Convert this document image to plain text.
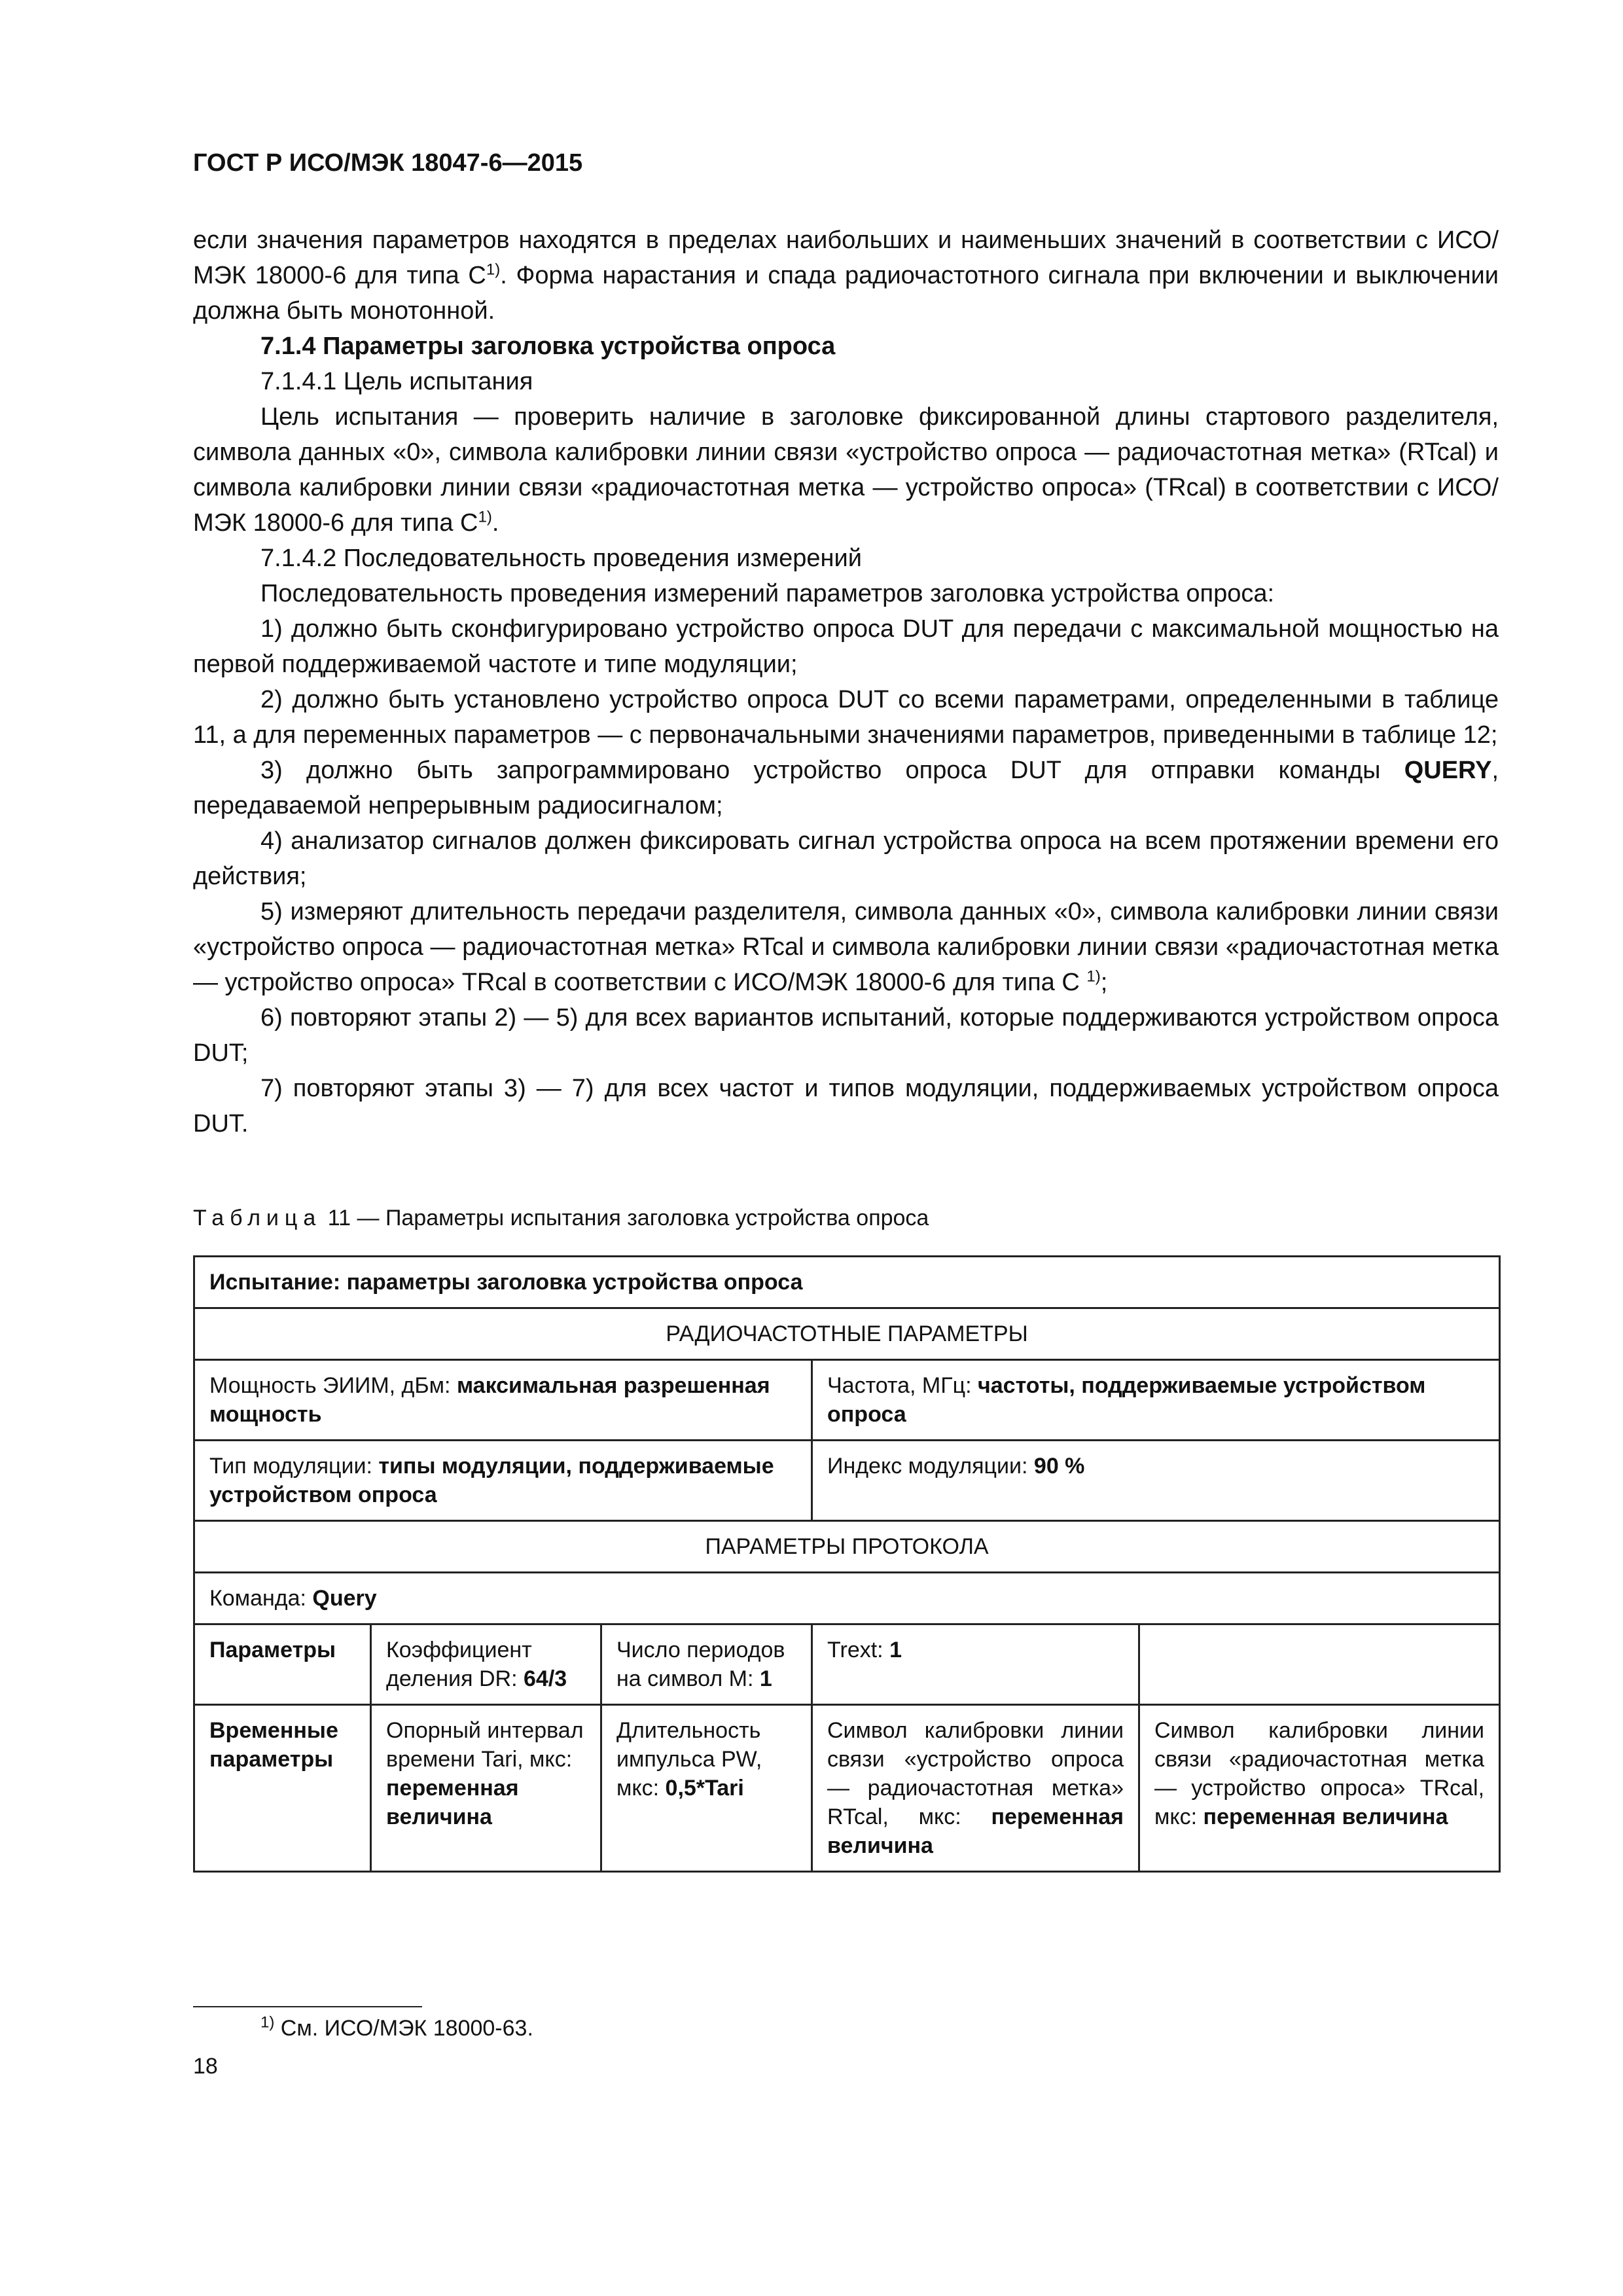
ГОСТ Р ИСО/МЭК 18047-6—2015

если значения параметров находятся в пределах наибольших и наименьших значений в соответствии с ИСО/МЭК 18000-6 для типа $С^{1)}$. Форма нарастания и спада радиочастотного сигнала при включении и выключении должна быть монотонной.

7.1.4 Параметры заголовка устройства опроса

7.1.4.1 Цель испытания

Цель испытания — проверить наличие в заголовке фиксированной длины стартового разделителя, символа данных «0», символа калибровки линии связи «устройство опроса — радиочастотная метка» (RTcal) и символа калибровки линии связи «радиочастотная метка — устройство опроса» (TRcal) в соответствии с ИСО/МЭК 18000-6 для типа $С^{1)}$.

7.1.4.2 Последовательность проведения измерений

Последовательность проведения измерений параметров заголовка устройства опроса:

1) должно быть сконфигурировано устройство опроса DUT для передачи с максимальной мощностью на первой поддерживаемой частоте и типе модуляции;

2) должно быть установлено устройство опроса DUT со всеми параметрами, определенными в таблице 11, а для переменных параметров — с первоначальными значениями параметров, приведенными в таблице 12;

3) должно быть запрограммировано устройство опроса DUT для отправки команды QUERY, передаваемой непрерывным радиосигналом;

4) анализатор сигналов должен фиксировать сигнал устройства опроса на всем протяжении времени его действия;

5) измеряют длительность передачи разделителя, символа данных «0», символа калибровки линии связи «устройство опроса — радиочастотная метка» RTcal и символа калибровки линии связи «радиочастотная метка — устройство опроса» TRcal в соответствии с ИСО/МЭК 18000-6 для типа С $^{1)}$;

6) повторяют этапы 2) — 5) для всех вариантов испытаний, которые поддерживаются устройством опроса DUT;

7) повторяют этапы 3) — 7) для всех частот и типов модуляции, поддерживаемых устройством опроса DUT.

Таблица 11 — Параметры испытания заголовка устройства опроса
Испытание: параметры заголовка устройства опроса				
РАДИОЧАСТОТНЫЕ ПАРАМЕТРЫ				
Мощность ЭИИМ, дБм: максимальная разрешенная мощность			Частота, МГц: частоты, поддерживаемые устройством опроса	
Тип модуляции: типы модуляции, поддерживаемые устройством опроса			Индекс модуляции: 90 %	
ПАРАМЕТРЫ ПРОТОКОЛА				
Команда: Query				
Параметры	Коэффициент деления DR: 64/3	Число периодов на символ М: 1	Trext: 1	
Временные параметры	Опорный интервал времени Tari, мкс: переменная величина	Длительность импульса PW, мкс: 0,5*Tari	Символ калибровки линии связи «устройство опроса — радиочастотная метка» RTcal, мкс: переменная величина	Символ калибровки линии связи «радиочастотная метка — устройство опроса» TRcal, мкс: переменная величина
$^{1)}$ См. ИСО/МЭК 18000-63.
18
